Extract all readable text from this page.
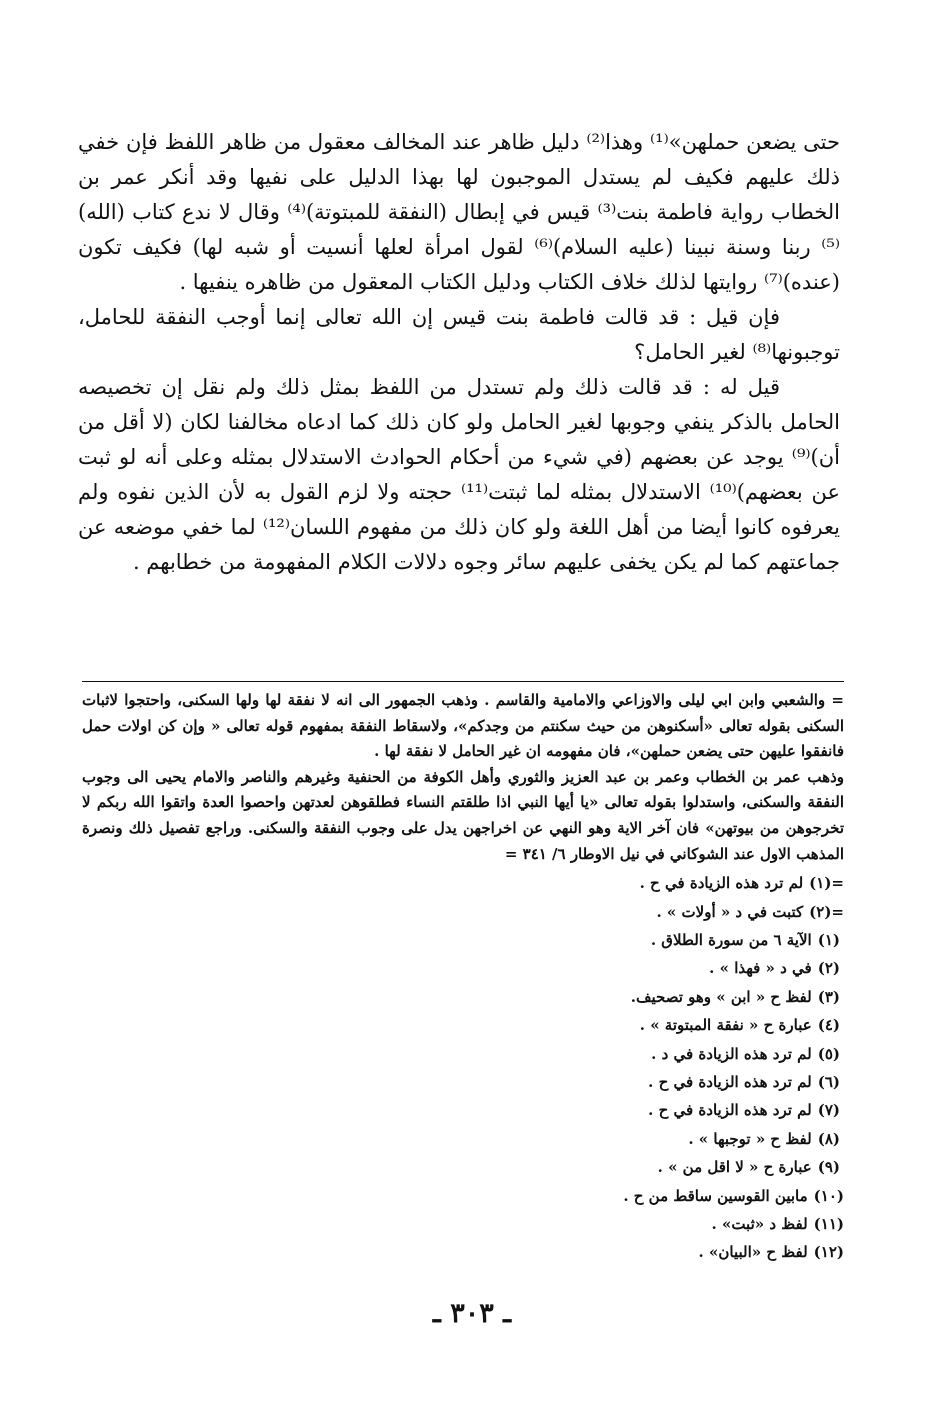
حتى يضعن حملهن»⁽¹⁾ وهذا⁽²⁾ دليل ظاهر عند المخالف معقول من ظاهر اللفظ فإن خفي ذلك عليهم فكيف لم يستدل الموجبون لها بهذا الدليل على نفيها وقد أنكر عمر بن الخطاب رواية فاطمة بنت⁽³⁾ قيس في إبطال (النفقة للمبتوتة)⁽⁴⁾ وقال لا ندع كتاب (الله)⁽⁵⁾ ربنا وسنة نبينا (عليه السلام)⁽⁶⁾ لقول امرأة لعلها أنسيت أو شبه لها) فكيف تكون (عنده)⁽⁷⁾ روايتها لذلك خلاف الكتاب ودليل الكتاب المعقول من ظاهره ينفيها .

فإن قيل : قد قالت فاطمة بنت قيس إن الله تعالى إنما أوجب النفقة للحامل، توجبونها⁽⁸⁾ لغير الحامل؟

قيل له : قد قالت ذلك ولم تستدل من اللفظ بمثل ذلك ولم نقل إن تخصيصه الحامل بالذكر ينفي وجوبها لغير الحامل ولو كان ذلك كما ادعاه مخالفنا لكان (لا أقل من أن)⁽⁹⁾ يوجد عن بعضهم (في شيء من أحكام الحوادث الاستدلال بمثله وعلى أنه لو ثبت عن بعضهم)⁽¹⁰⁾ الاستدلال بمثله لما ثبتت⁽¹¹⁾ حجته ولا لزم القول به لأن الذين نفوه ولم يعرفوه كانوا أيضا من أهل اللغة ولو كان ذلك من مفهوم اللسان⁽¹²⁾ لما خفي موضعه عن جماعتهم كما لم يكن يخفى عليهم سائر وجوه دلالات الكلام المفهومة من خطابهم .

= والشعبي وابن ابي ليلى والاوزاعي والامامية والقاسم . وذهب الجمهور الى انه لا نفقة لها ولها السكنى، واحتجوا لاثبات السكنى بقوله تعالى «أسكنوهن من حيث سكنتم من وجدكم»، ولاسقاط النفقة بمفهوم قوله تعالى « وإن كن اولات حمل فانفقوا عليهن حتى يضعن حملهن»، فان مفهومه ان غير الحامل لا نفقة لها .

وذهب عمر بن الخطاب وعمر بن عبد العزيز والثوري وأهل الكوفة من الحنفية وغيرهم والناصر والامام يحيى الى وجوب النفقة والسكنى، واستدلوا بقوله تعالى «يا أيها النبي اذا طلقتم النساء فطلقوهن لعدتهن واحصوا العدة واتقوا الله ربكم لا تخرجوهن من بيوتهن» فان آخر الاية وهو النهي عن اخراجهن يدل على وجوب النفقة والسكنى. وراجع تفصيل ذلك ونصرة المذهب الاول عند الشوكاني في نيل الاوطار ٦/ ٣٤١ =

=(١)لم ترد هذه الزيادة في ح .
=(٢)كتبت في د « أولات » .
(١)الآية ٦ من سورة الطلاق .
(٢)في د « فهذا » .
(٣)لفظ ح « ابن » وهو تصحيف.
(٤)عبارة ح « نفقة المبتوتة » .
(٥)لم ترد هذه الزيادة في د .
(٦)لم ترد هذه الزيادة في ح .
(٧)لم ترد هذه الزيادة في ح .
(٨)لفظ ح « توجبها » .
(٩)عبارة ح « لا اقل من » .
(١٠)مابين القوسين ساقط من ح .
(١١)لفظ د «ثبت» .
(١٢)لفظ ح «البيان» .
ـ ٣٠٣ ـ
